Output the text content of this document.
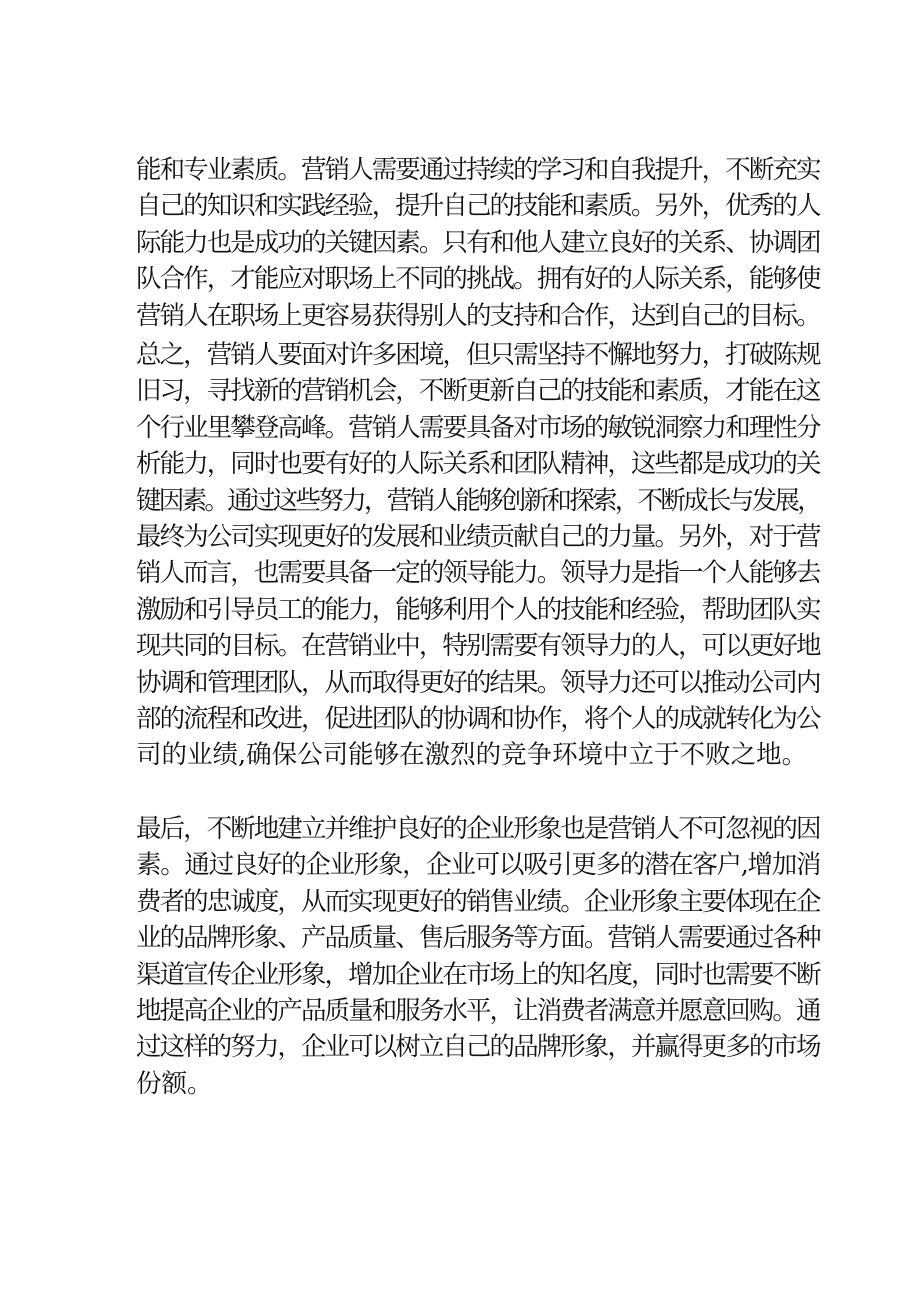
能和专业素质。营销人需要通过持续的学习和自我提升，不断充实
自己的知识和实践经验，提升自己的技能和素质。另外，优秀的人
际能力也是成功的关键因素。只有和他人建立良好的关系、协调团
队合作，才能应对职场上不同的挑战。拥有好的人际关系，能够使
营销人在职场上更容易获得别人的支持和合作，达到自己的目标。
总之，营销人要面对许多困境，但只需坚持不懈地努力，打破陈规
旧习，寻找新的营销机会，不断更新自己的技能和素质，才能在这
个行业里攀登高峰。营销人需要具备对市场的敏锐洞察力和理性分
析能力，同时也要有好的人际关系和团队精神，这些都是成功的关
键因素。通过这些努力，营销人能够创新和探索，不断成长与发展，
最终为公司实现更好的发展和业绩贡献自己的力量。另外，对于营
销人而言，也需要具备一定的领导能力。领导力是指一个人能够去
激励和引导员工的能力，能够利用个人的技能和经验，帮助团队实
现共同的目标。在营销业中，特别需要有领导力的人，可以更好地
协调和管理团队，从而取得更好的结果。领导力还可以推动公司内
部的流程和改进，促进团队的协调和协作，将个人的成就转化为公
司的业绩,确保公司能够在激烈的竞争环境中立于不败之地。
最后，不断地建立并维护良好的企业形象也是营销人不可忽视的因
素。通过良好的企业形象，企业可以吸引更多的潜在客户,增加消
费者的忠诚度，从而实现更好的销售业绩。企业形象主要体现在企
业的品牌形象、产品质量、售后服务等方面。营销人需要通过各种
渠道宣传企业形象，增加企业在市场上的知名度，同时也需要不断
地提高企业的产品质量和服务水平，让消费者满意并愿意回购。通
过这样的努力，企业可以树立自己的品牌形象，并赢得更多的市场
份额。
